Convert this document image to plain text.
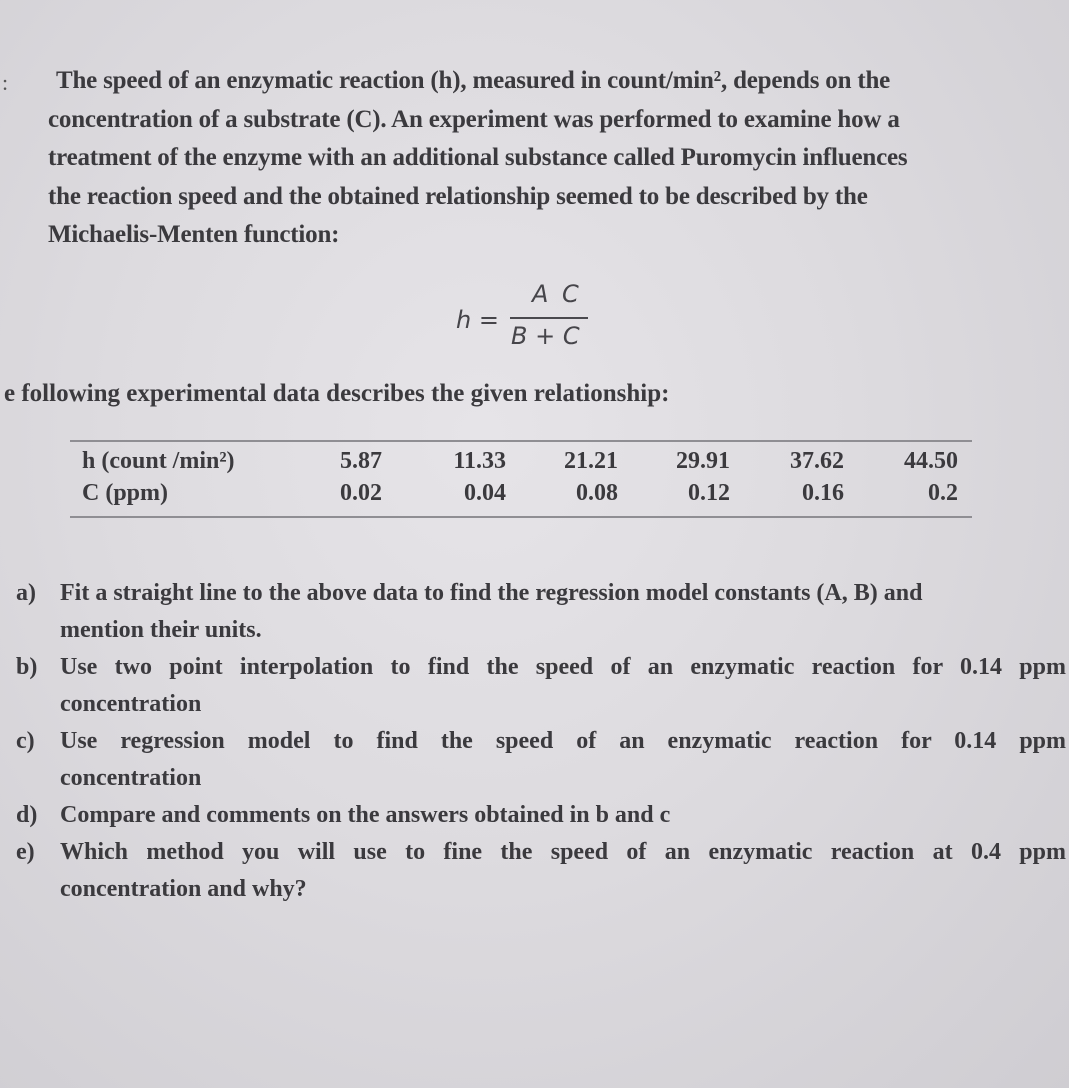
:	The speed of an enzymatic reaction (h), measured in count/min², depends on the
concentration of a substrate (C). An experiment was performed to examine how a
treatment of the enzyme with an additional substance called Puromycin influences
the reaction speed and the obtained relationship seemed to be described by the
Michaelis-Menten function:
h =
A C
B + C
e following experimental data describes the given relationship:
h (count /min²)	5.87	11.33	21.21	29.91	37.62	44.50
C (ppm)	0.02	0.04	0.08	0.12	0.16	0.2
a) Fit a straight line to the above data to find the regression model constants (A, B) and
mention their units.
b) Use two point interpolation to find the speed of an enzymatic reaction for 0.14 ppm
concentration
c) Use regression model to find the speed of an enzymatic reaction for 0.14 ppm
concentration
d) Compare and comments on the answers obtained in b and c
e) Which method you will use to fine the speed of an enzymatic reaction at 0.4 ppm
concentration and why?
